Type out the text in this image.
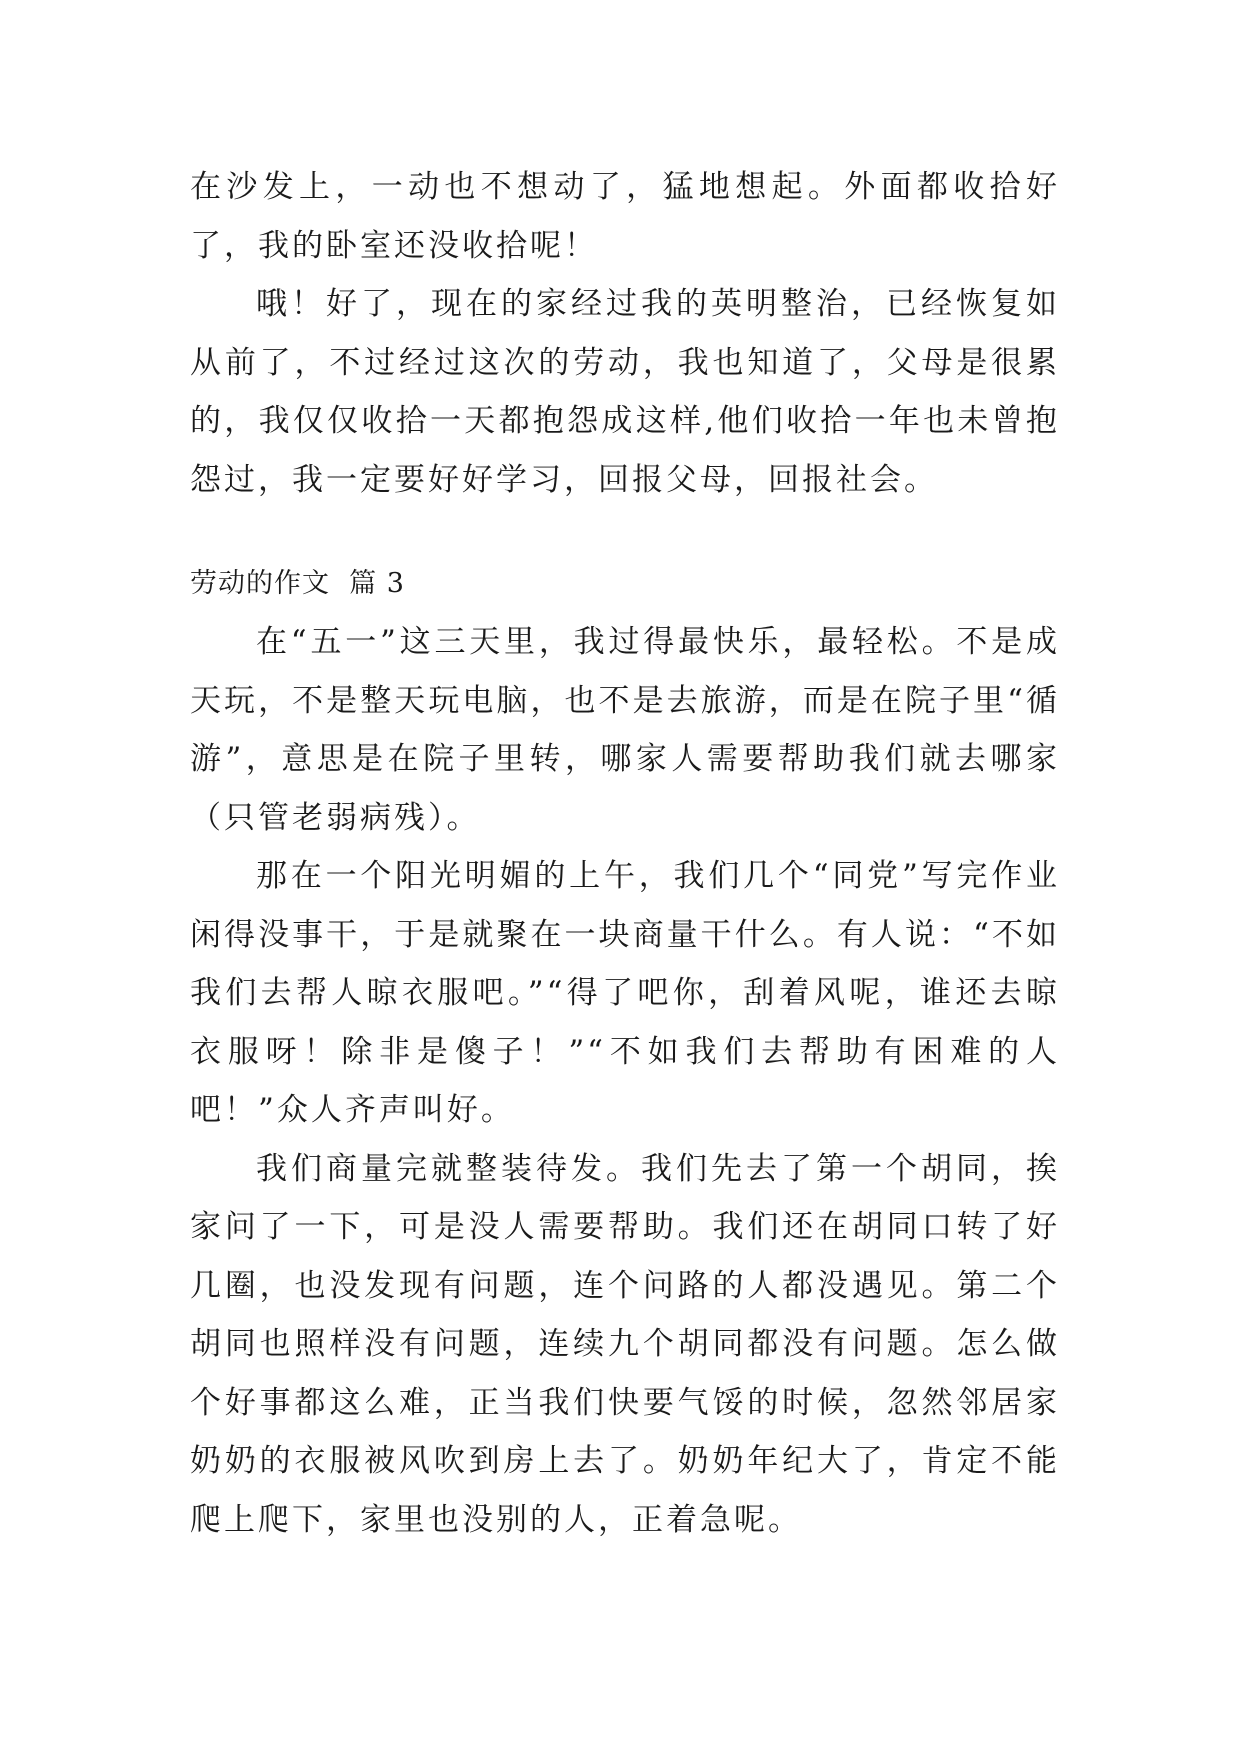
在沙发上，一动也不想动了，猛地想起。外面都收拾好了，我的卧室还没收拾呢！

哦！好了，现在的家经过我的英明整治，已经恢复如从前了，不过经过这次的劳动，我也知道了，父母是很累的，我仅仅收拾一天都抱怨成这样,他们收拾一年也未曾抱怨过，我一定要好好学习，回报父母，回报社会。

劳动的作文  篇 3

在“五一”这三天里，我过得最快乐，最轻松。不是成天玩，不是整天玩电脑，也不是去旅游，而是在院子里“循游”，意思是在院子里转，哪家人需要帮助我们就去哪家（只管老弱病残）。

那在一个阳光明媚的上午，我们几个“同党”写完作业闲得没事干，于是就聚在一块商量干什么。有人说：“不如我们去帮人晾衣服吧。”“得了吧你，刮着风呢，谁还去晾衣服呀！除非是傻子！”“不如我们去帮助有困难的人吧！”众人齐声叫好。

我们商量完就整装待发。我们先去了第一个胡同，挨家问了一下，可是没人需要帮助。我们还在胡同口转了好几圈，也没发现有问题，连个问路的人都没遇见。第二个胡同也照样没有问题，连续九个胡同都没有问题。怎么做个好事都这么难，正当我们快要气馁的时候，忽然邻居家奶奶的衣服被风吹到房上去了。奶奶年纪大了，肯定不能爬上爬下，家里也没别的人，正着急呢。
